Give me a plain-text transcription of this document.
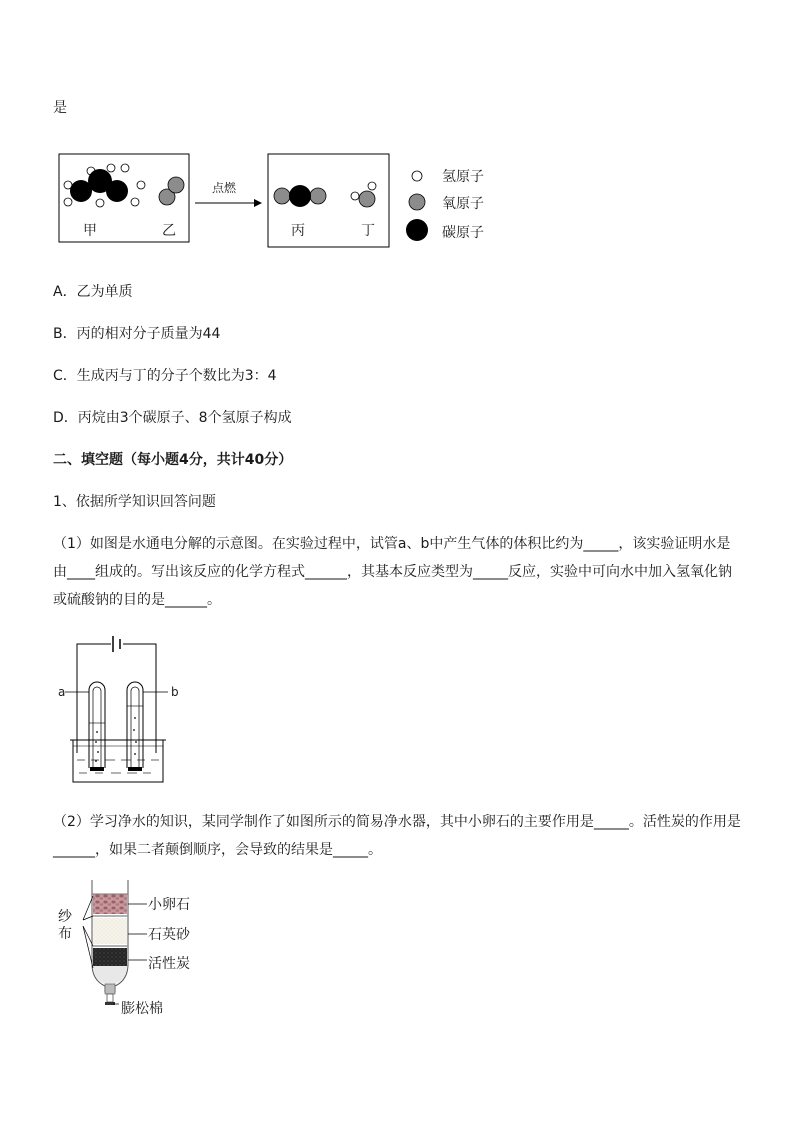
是
甲	乙
点燃
丙	丁
氢原子
氧原子
碳原子
A．乙为单质
B．丙的相对分子质量为44
C．生成丙与丁的分子个数比为3：4
D．丙烷由3个碳原子、8个氢原子构成
二、填空题（每小题4分，共计40分）
1、依据所学知识回答问题
（1）如图是水通电分解的示意图。在实验过程中，试管a、b中产生气体的体积比约为_____，该实验证明水是由____组成的。写出该反应的化学方程式______，其基本反应类型为_____反应，实验中可向水中加入氢氧化钠或硫酸钠的目的是______。
a	b
（2）学习净水的知识，某同学制作了如图所示的简易净水器，其中小卵石的主要作用是_____。活性炭的作用是______，如果二者颠倒顺序，会导致的结果是_____。
纱布
小卵石
石英砂
活性炭
膨松棉
